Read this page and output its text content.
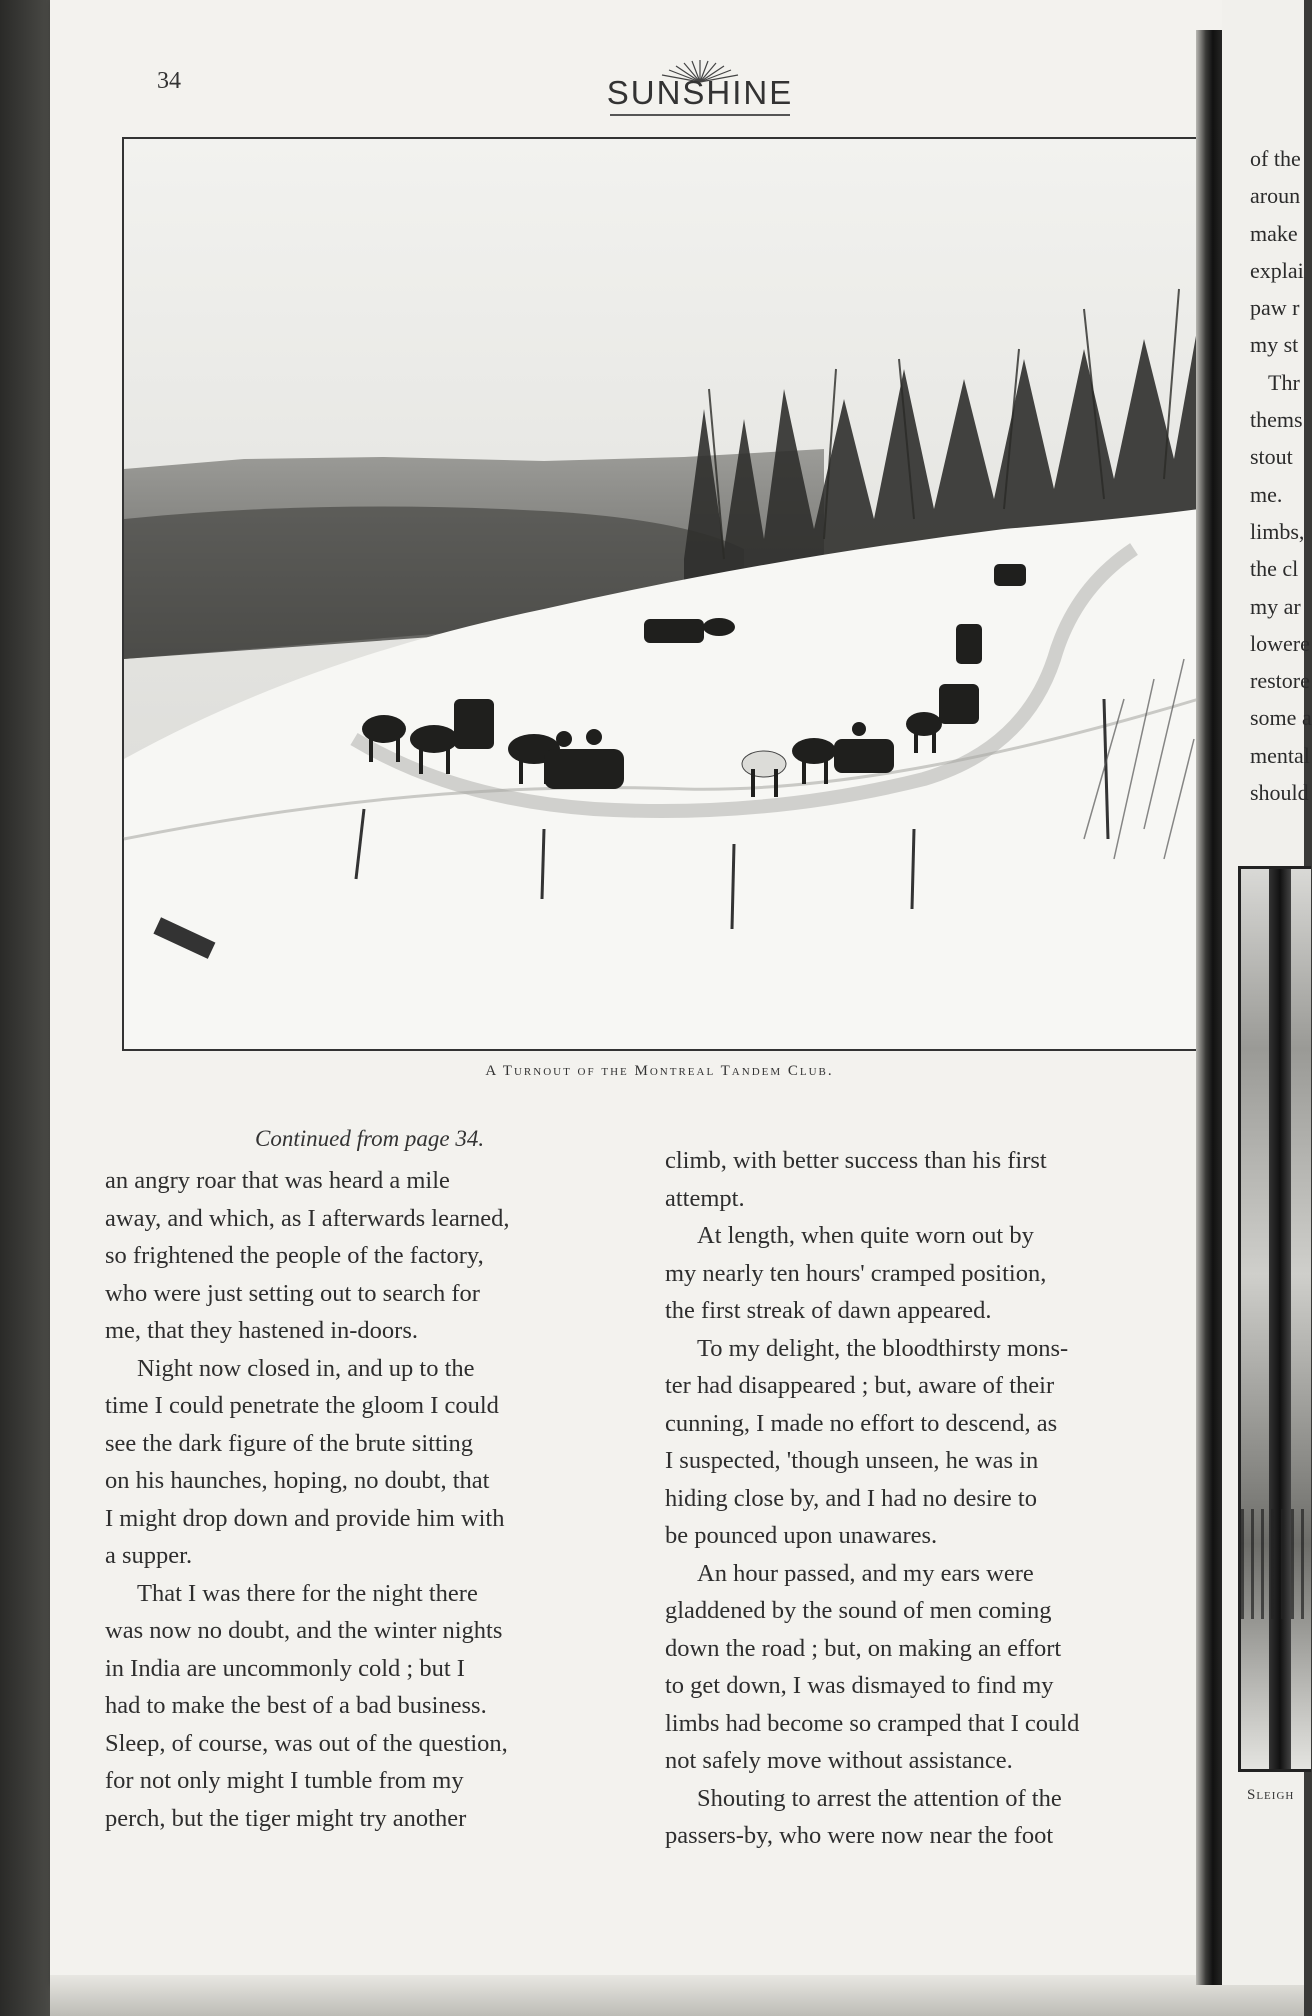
34	SUNSHINE
A Turnout of the Montreal Tandem Club.
Continued from page 34.
an angry roar that was heard a mile
away, and which, as I afterwards learned,
so frightened the people of the factory,
who were just setting out to search for
me, that they hastened in-doors.
Night now closed in, and up to the
time I could penetrate the gloom I could
see the dark figure of the brute sitting
on his haunches, hoping, no doubt, that
I might drop down and provide him with
a supper.
That I was there for the night there
was now no doubt, and the winter nights
in India are uncommonly cold ; but I
had to make the best of a bad business.
Sleep, of course, was out of the question,
for not only might I tumble from my
perch, but the tiger might try another
climb, with better success than his first
attempt.
At length, when quite worn out by
my nearly ten hours' cramped position,
the first streak of dawn appeared.
To my delight, the bloodthirsty mons-
ter had disappeared ; but, aware of their
cunning, I made no effort to descend, as
I suspected, 'though unseen, he was in
hiding close by, and I had no desire to
be pounced upon unawares.
An hour passed, and my ears were
gladdened by the sound of men coming
down the road ; but, on making an effort
to get down, I was dismayed to find my
limbs had become so cramped that I could
not safely move without assistance.
Shouting to arrest the attention of the
passers-by, who were now near the foot
of the
aroun
make
explai
paw r
my st
Thr
thems
stout
me.
limbs,
the cl
my ar
lowere
restore
some a
mental
should
Sleigh
